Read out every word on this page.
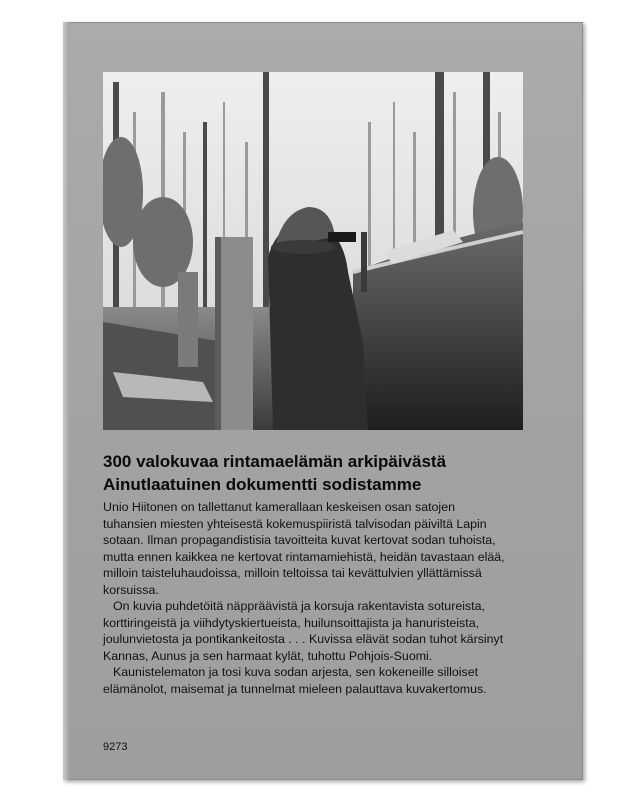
300 valokuvaa rintamaelämän arkipäivästä
Ainutlaatuinen dokumentti sodistamme
Unio Hiitonen on tallettanut kamerallaan keskeisen osan satojen
tuhansien miesten yhteisestä kokemuspiiristä talvisodan päiviltä Lapin
sotaan. Ilman propagandistisia tavoitteita kuvat kertovat sodan tuhoista,
mutta ennen kaikkea ne kertovat rintamamiehistä, heidän tavastaan elää,
milloin taisteluhaudoissa, milloin teltoissa tai kevättulvien yllättämissä
korsuissa.
On kuvia puhdetöitä näppräävistä ja korsuja rakentavista sotureista,
korttiringeistä ja viihdytyskiertueista, huilunsoittajista ja hanuristeista,
joulunvietosta ja pontikankeitosta . . . Kuvissa elävät sodan tuhot kärsinyt
Kannas, Aunus ja sen harmaat kylät, tuhottu Pohjois-Suomi.
Kaunistelematon ja tosi kuva sodan arjesta, sen kokeneille silloiset
elämänolot, maisemat ja tunnelmat mieleen palauttava kuvakertomus.
9273
